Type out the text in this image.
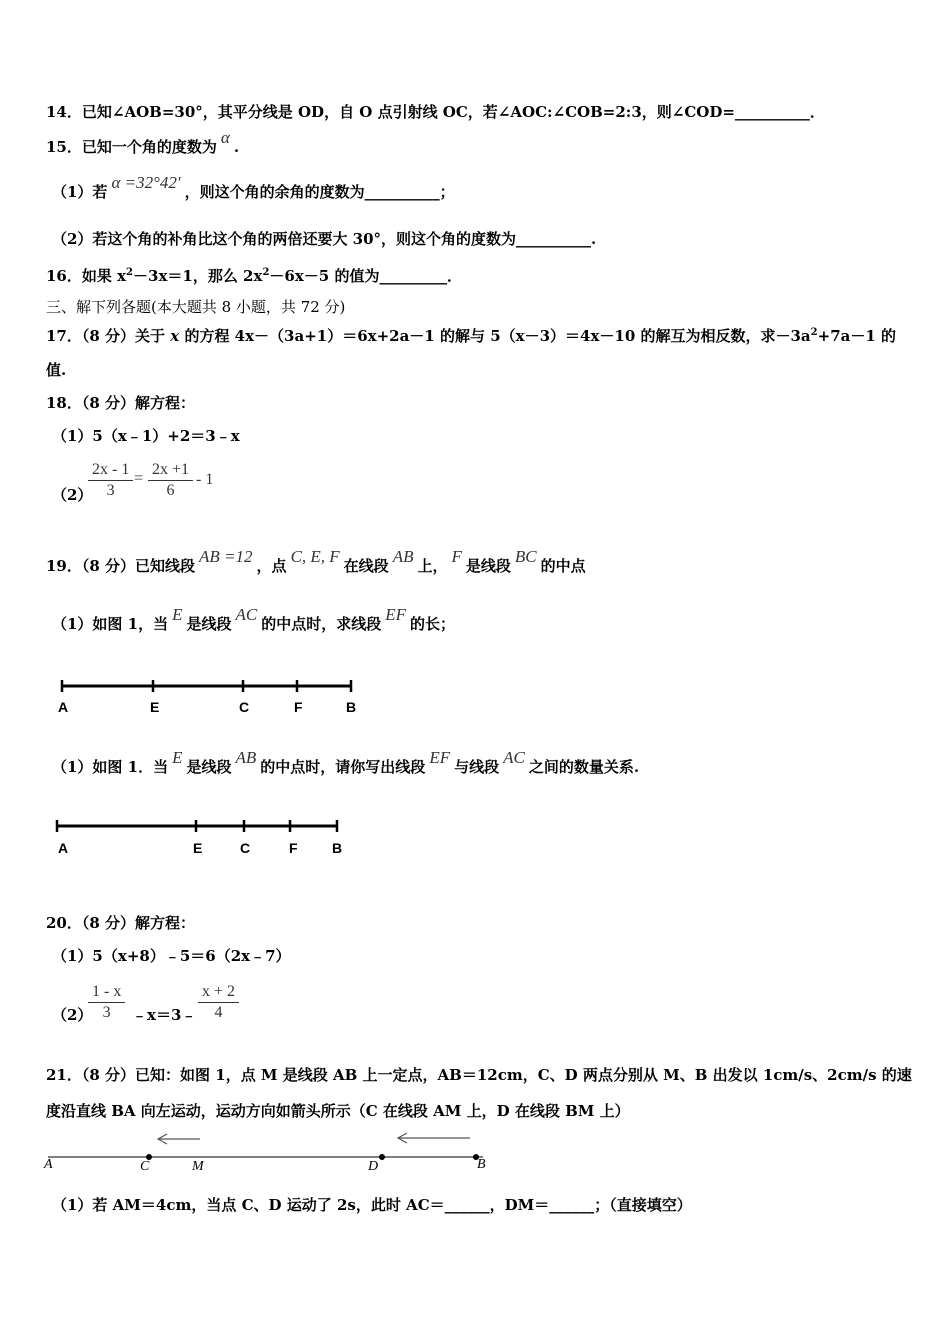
14．已知∠AOB=30°，其平分线是 OD，自 O 点引射线 OC，若∠AOC:∠COB=2:3，则∠COD=__________．
15．已知一个角的度数为 α .
（1）若 α =32°42′ ，则这个角的余角的度数为__________；
（2）若这个角的补角比这个角的两倍还要大 30°，则这个角的度数为__________.
16．如果 $x^2-3x=1$，那么 $2x^2-6x-5$ 的值为_________．
三、解下列各题(本大题共 8 小题，共 72 分)
17．（8 分）关于 x 的方程 4x－（3a+1）＝6x+2a－1 的解与 5（x－3）＝4x－10 的解互为相反数，求$-3a^2+7a-1$ 的
值.
18．（8 分）解方程：
（1）5（x﹣1）+2＝3﹣x
（2）
$\frac{2x - 1}{3} = \frac{2x +1}{6} - 1$
19．（8 分）已知线段 AB =12 ，点 C, E, F 在线段 AB 上， F 是线段 BC 的中点
（1）如图 1，当 E 是线段 AC 的中点时，求线段 EF 的长；
A	E	C	F	B
（1）如图 1．当 E 是线段 AB 的中点时，请你写出线段 EF 与线段 AC 之间的数量关系.
A	E	C	F B
20．（8 分）解方程：
（1）5（x+8）﹣5＝6（2x﹣7）
（2）
$\frac{1 - x}{3}$ ﹣x＝3﹣ $\frac{x + 2}{4}$
21．（8 分）已知：如图 1，点 M 是线段 AB 上一定点，AB＝12cm，C、D 两点分别从 M、B 出发以 1cm/s、2cm/s 的速
度沿直线 BA 向左运动，运动方向如箭头所示（C 在线段 AM 上，D 在线段 BM 上）
A	C	M	D	B
（1）若 AM＝4cm，当点 C、D 运动了 2s，此时 AC＝______，DM＝______；（直接填空）
